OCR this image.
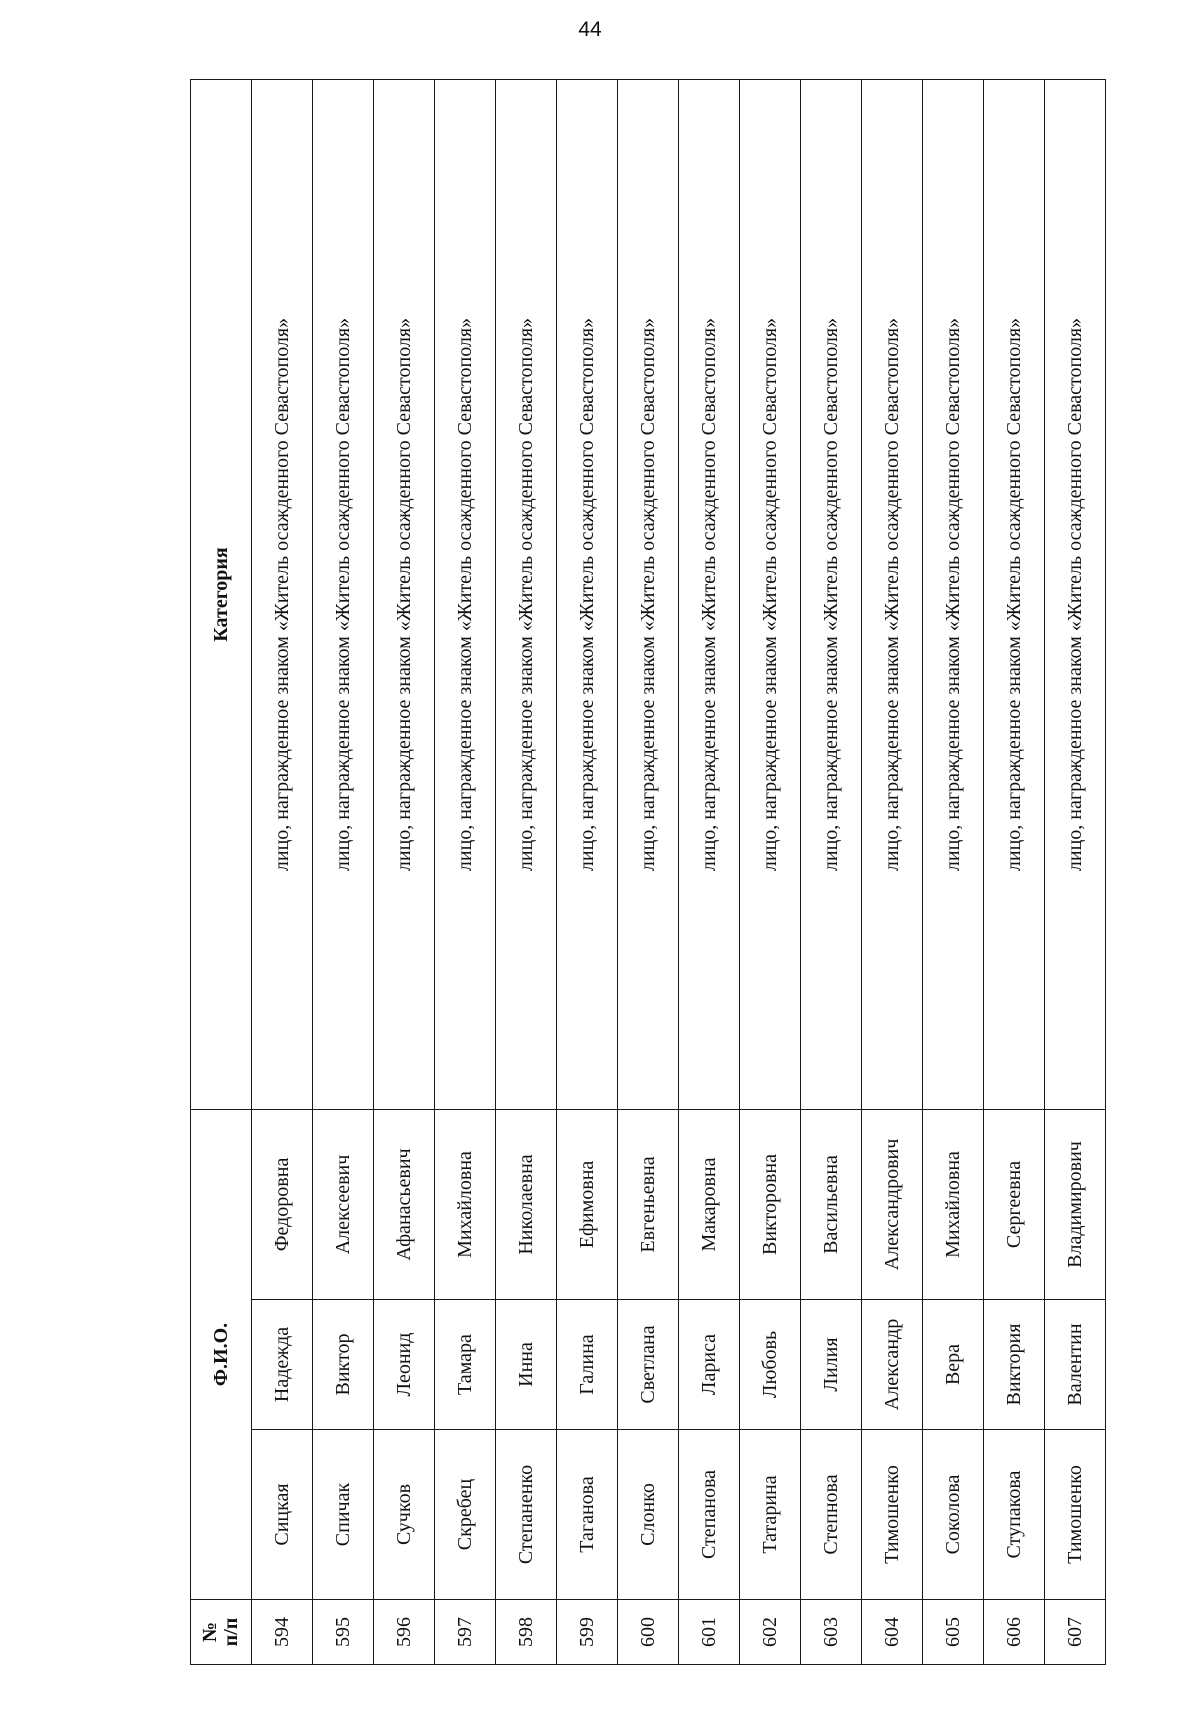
44
№
п/п	Ф.И.О.			Категория
594	Сицкая	Надежда	Федоровна	лицо, награжденное знаком «Житель осажденного Севастополя»
595	Спичак	Виктор	Алексеевич	лицо, награжденное знаком «Житель осажденного Севастополя»
596	Сучков	Леонид	Афанасьевич	лицо, награжденное знаком «Житель осажденного Севастополя»
597	Скребец	Тамара	Михайловна	лицо, награжденное знаком «Житель осажденного Севастополя»
598	Степаненко	Инна	Николаевна	лицо, награжденное знаком «Житель осажденного Севастополя»
599	Таганова	Галина	Ефимовна	лицо, награжденное знаком «Житель осажденного Севастополя»
600	Слонко	Светлана	Евгеньевна	лицо, награжденное знаком «Житель осажденного Севастополя»
601	Степанова	Лариса	Макаровна	лицо, награжденное знаком «Житель осажденного Севастополя»
602	Татарина	Любовь	Викторовна	лицо, награжденное знаком «Житель осажденного Севастополя»
603	Степнова	Лилия	Васильевна	лицо, награжденное знаком «Житель осажденного Севастополя»
604	Тимошенко	Александр	Александрович	лицо, награжденное знаком «Житель осажденного Севастополя»
605	Соколова	Вера	Михайловна	лицо, награжденное знаком «Житель осажденного Севастополя»
606	Ступакова	Виктория	Сергеевна	лицо, награжденное знаком «Житель осажденного Севастополя»
607	Тимошенко	Валентин	Владимирович	лицо, награжденное знаком «Житель осажденного Севастополя»
